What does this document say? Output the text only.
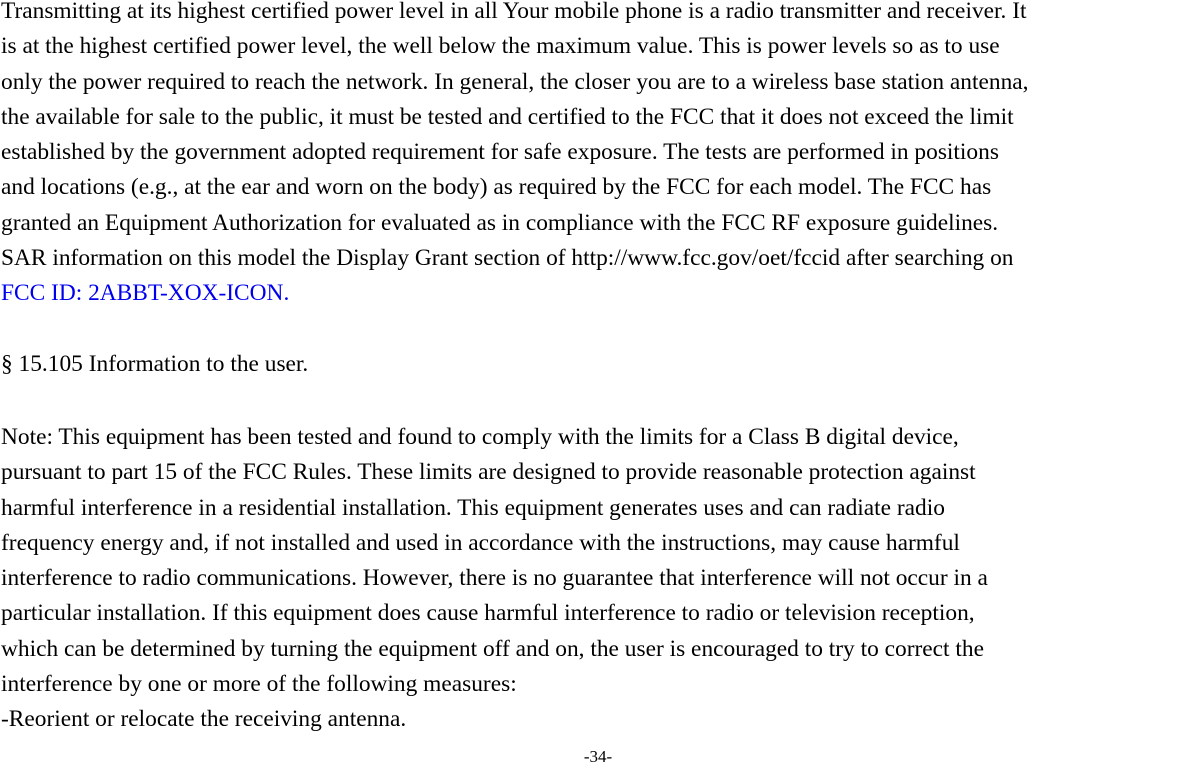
Transmitting at its highest certified power level in all Your mobile phone is a radio transmitter and receiver. It
is at the highest certified power level, the well below the maximum value. This is power levels so as to use
only the power required to reach the network. In general, the closer you are to a wireless base station antenna,
the available for sale to the public, it must be tested and certified to the FCC that it does not exceed the limit
established by the government adopted requirement for safe exposure. The tests are performed in positions
and locations (e.g., at the ear and worn on the body) as required by the FCC for each model. The FCC has
granted an Equipment Authorization for evaluated as in compliance with the FCC RF exposure guidelines.
SAR information on this model the Display Grant section of http://www.fcc.gov/oet/fccid after searching on
FCC ID: 2ABBT-XOX-ICON.
§ 15.105 Information to the user.
Note: This equipment has been tested and found to comply with the limits for a Class B digital device,
pursuant to part 15 of the FCC Rules. These limits are designed to provide reasonable protection against
harmful interference in a residential installation. This equipment generates uses and can radiate radio
frequency energy and, if not installed and used in accordance with the instructions, may cause harmful
interference to radio communications. However, there is no guarantee that interference will not occur in a
particular installation. If this equipment does cause harmful interference to radio or television reception,
which can be determined by turning the equipment off and on, the user is encouraged to try to correct the
interference by one or more of the following measures:
-Reorient or relocate the receiving antenna.
-34-
